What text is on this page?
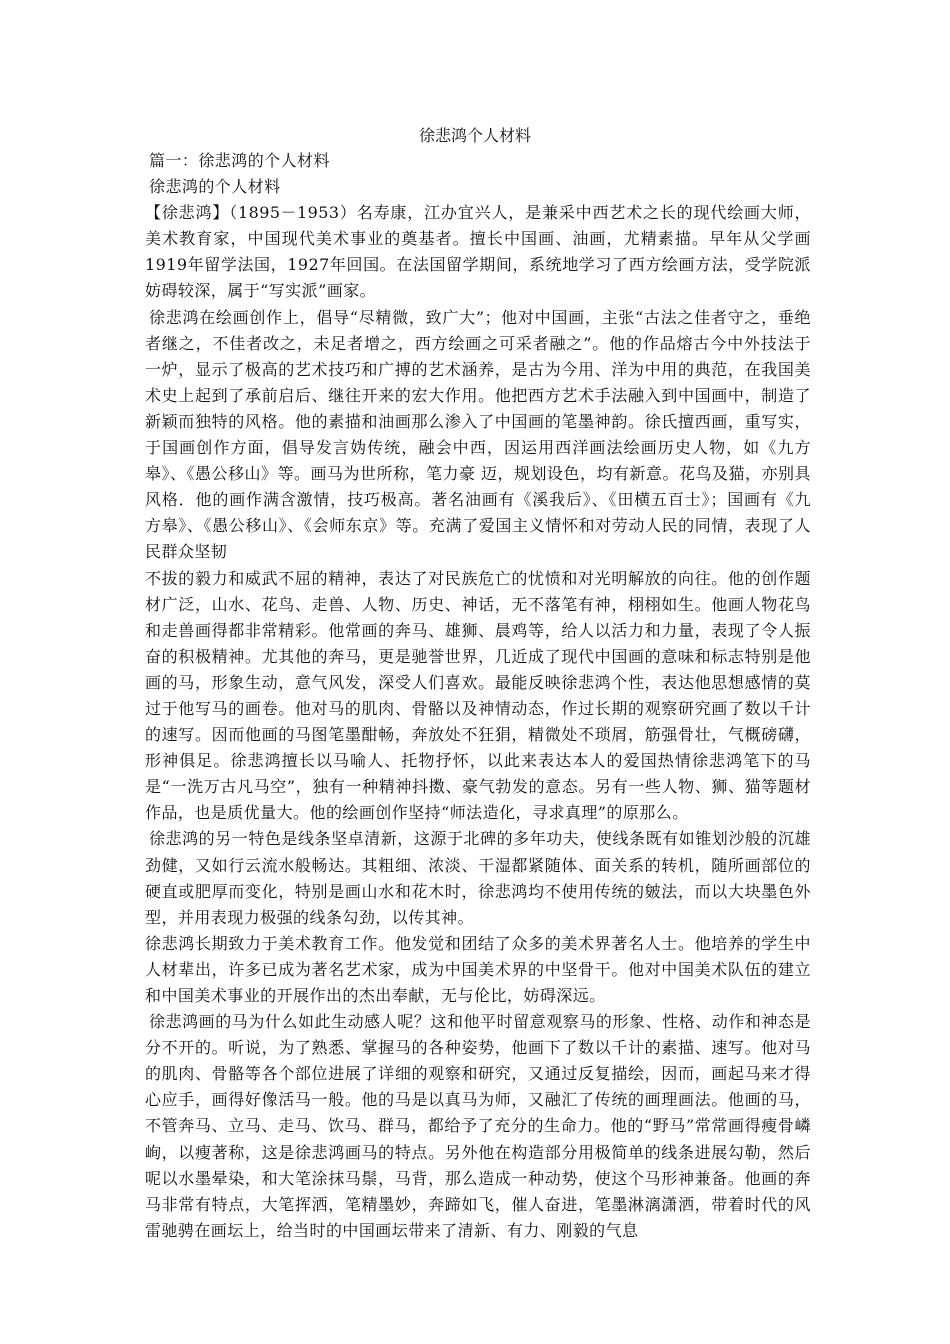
徐悲鸿个人材料

篇一：徐悲鸿的个人材料

徐悲鸿的个人材料

【徐悲鸿】（1895－1953）名寿康，江办宜兴人，是兼采中西艺术之长的现代绘画大师，美术教育家，中国现代美术事业的奠基者。擅长中国画、油画，尤精素描。早年从父学画1919年留学法国，1927年回国。在法国留学期间，系统地学习了西方绘画方法，受学院派妨碍较深，属于“写实派”画家。

徐悲鸿在绘画创作上，倡导“尽精微，致广大”；他对中国画，主张“古法之佳者守之，垂绝者继之，不佳者改之，未足者增之，西方绘画之可采者融之”。他的作品熔古今中外技法于一炉，显示了极高的艺术技巧和广搏的艺术涵养，是古为今用、洋为中用的典范，在我国美术史上起到了承前启后、继往开来的宏大作用。他把西方艺术手法融入到中国画中，制造了新颖而独特的风格。他的素描和油画那么渗入了中国画的笔墨神韵。徐氏擅西画，重写实，于国画创作方面，倡导发言妫传统，融会中西，因运用西洋画法绘画历史人物，如《九方皋》、《愚公移山》等。画马为世所称，笔力豪 迈，规划设色，均有新意。花鸟及猫，亦别具风格．他的画作满含激情，技巧极高。著名油画有《溪我后》、《田横五百士》；国画有《九方皋》、《愚公移山》、《会师东京》等。充满了爱国主义情怀和对劳动人民的同情，表现了人民群众坚韧

不拔的毅力和威武不屈的精神，表达了对民族危亡的忧愤和对光明解放的向往。他的创作题材广泛，山水、花鸟、走兽、人物、历史、神话，无不落笔有神，栩栩如生。他画人物花鸟和走兽画得都非常精彩。他常画的奔马、雄狮、晨鸡等，给人以活力和力量，表现了令人振奋的积极精神。尤其他的奔马，更是驰誉世界，几近成了现代中国画的意味和标志特别是他画的马，形象生动，意气风发，深受人们喜欢。最能反映徐悲鸿个性，表达他思想感情的莫过于他写马的画卷。他对马的肌肉、骨骼以及神情动态，作过长期的观察研究画了数以千计的速写。因而他画的马图笔墨酣畅，奔放处不狂狷，精微处不琐屑，筋强骨壮，气概磅礴，形神俱足。徐悲鸿擅长以马喻人、托物抒怀，以此来表达本人的爱国热情徐悲鸿笔下的马是“一洗万古凡马空”，独有一种精神抖擞、豪气勃发的意态。另有一些人物、狮、猫等题材作品，也是质优量大。他的绘画创作坚持“师法造化，寻求真理”的原那么。

徐悲鸿的另一特色是线条坚卓清新，这源于北碑的多年功夫，使线条既有如锥划沙般的沉雄劲健，又如行云流水般畅达。其粗细、浓淡、干湿都紧随体、面关系的转机，随所画部位的硬直或肥厚而变化，特别是画山水和花木时，徐悲鸿均不使用传统的皴法，而以大块墨色外型，并用表现力极强的线条勾劲，以传其神。

徐悲鸿长期致力于美术教育工作。他发觉和团结了众多的美术界著名人士。他培养的学生中人材辈出，许多已成为著名艺术家，成为中国美术界的中坚骨干。他对中国美术队伍的建立和中国美术事业的开展作出的杰出奉献，无与伦比，妨碍深远。

徐悲鸿画的马为什么如此生动感人呢？这和他平时留意观察马的形象、性格、动作和神态是分不开的。听说，为了熟悉、掌握马的各种姿势，他画下了数以千计的素描、速写。他对马的肌肉、骨骼等各个部位进展了详细的观察和研究，又通过反复描绘，因而，画起马来才得心应手，画得好像活马一般。他的马是以真马为师，又融汇了传统的画理画法。他画的马，不管奔马、立马、走马、饮马、群马，都给予了充分的生命力。他的“野马”常常画得瘦骨嶙峋，以瘦著称，这是徐悲鸿画马的特点。另外他在构造部分用极简单的线条进展勾勒，然后呢以水墨晕染，和大笔涂抹马鬃，马背，那么造成一种动势，使这个马形神兼备。他画的奔马非常有特点，大笔挥洒，笔精墨妙，奔蹄如飞，催人奋进，笔墨淋漓潇洒，带着时代的风雷驰骋在画坛上，给当时的中国画坛带来了清新、有力、刚毅的气息
